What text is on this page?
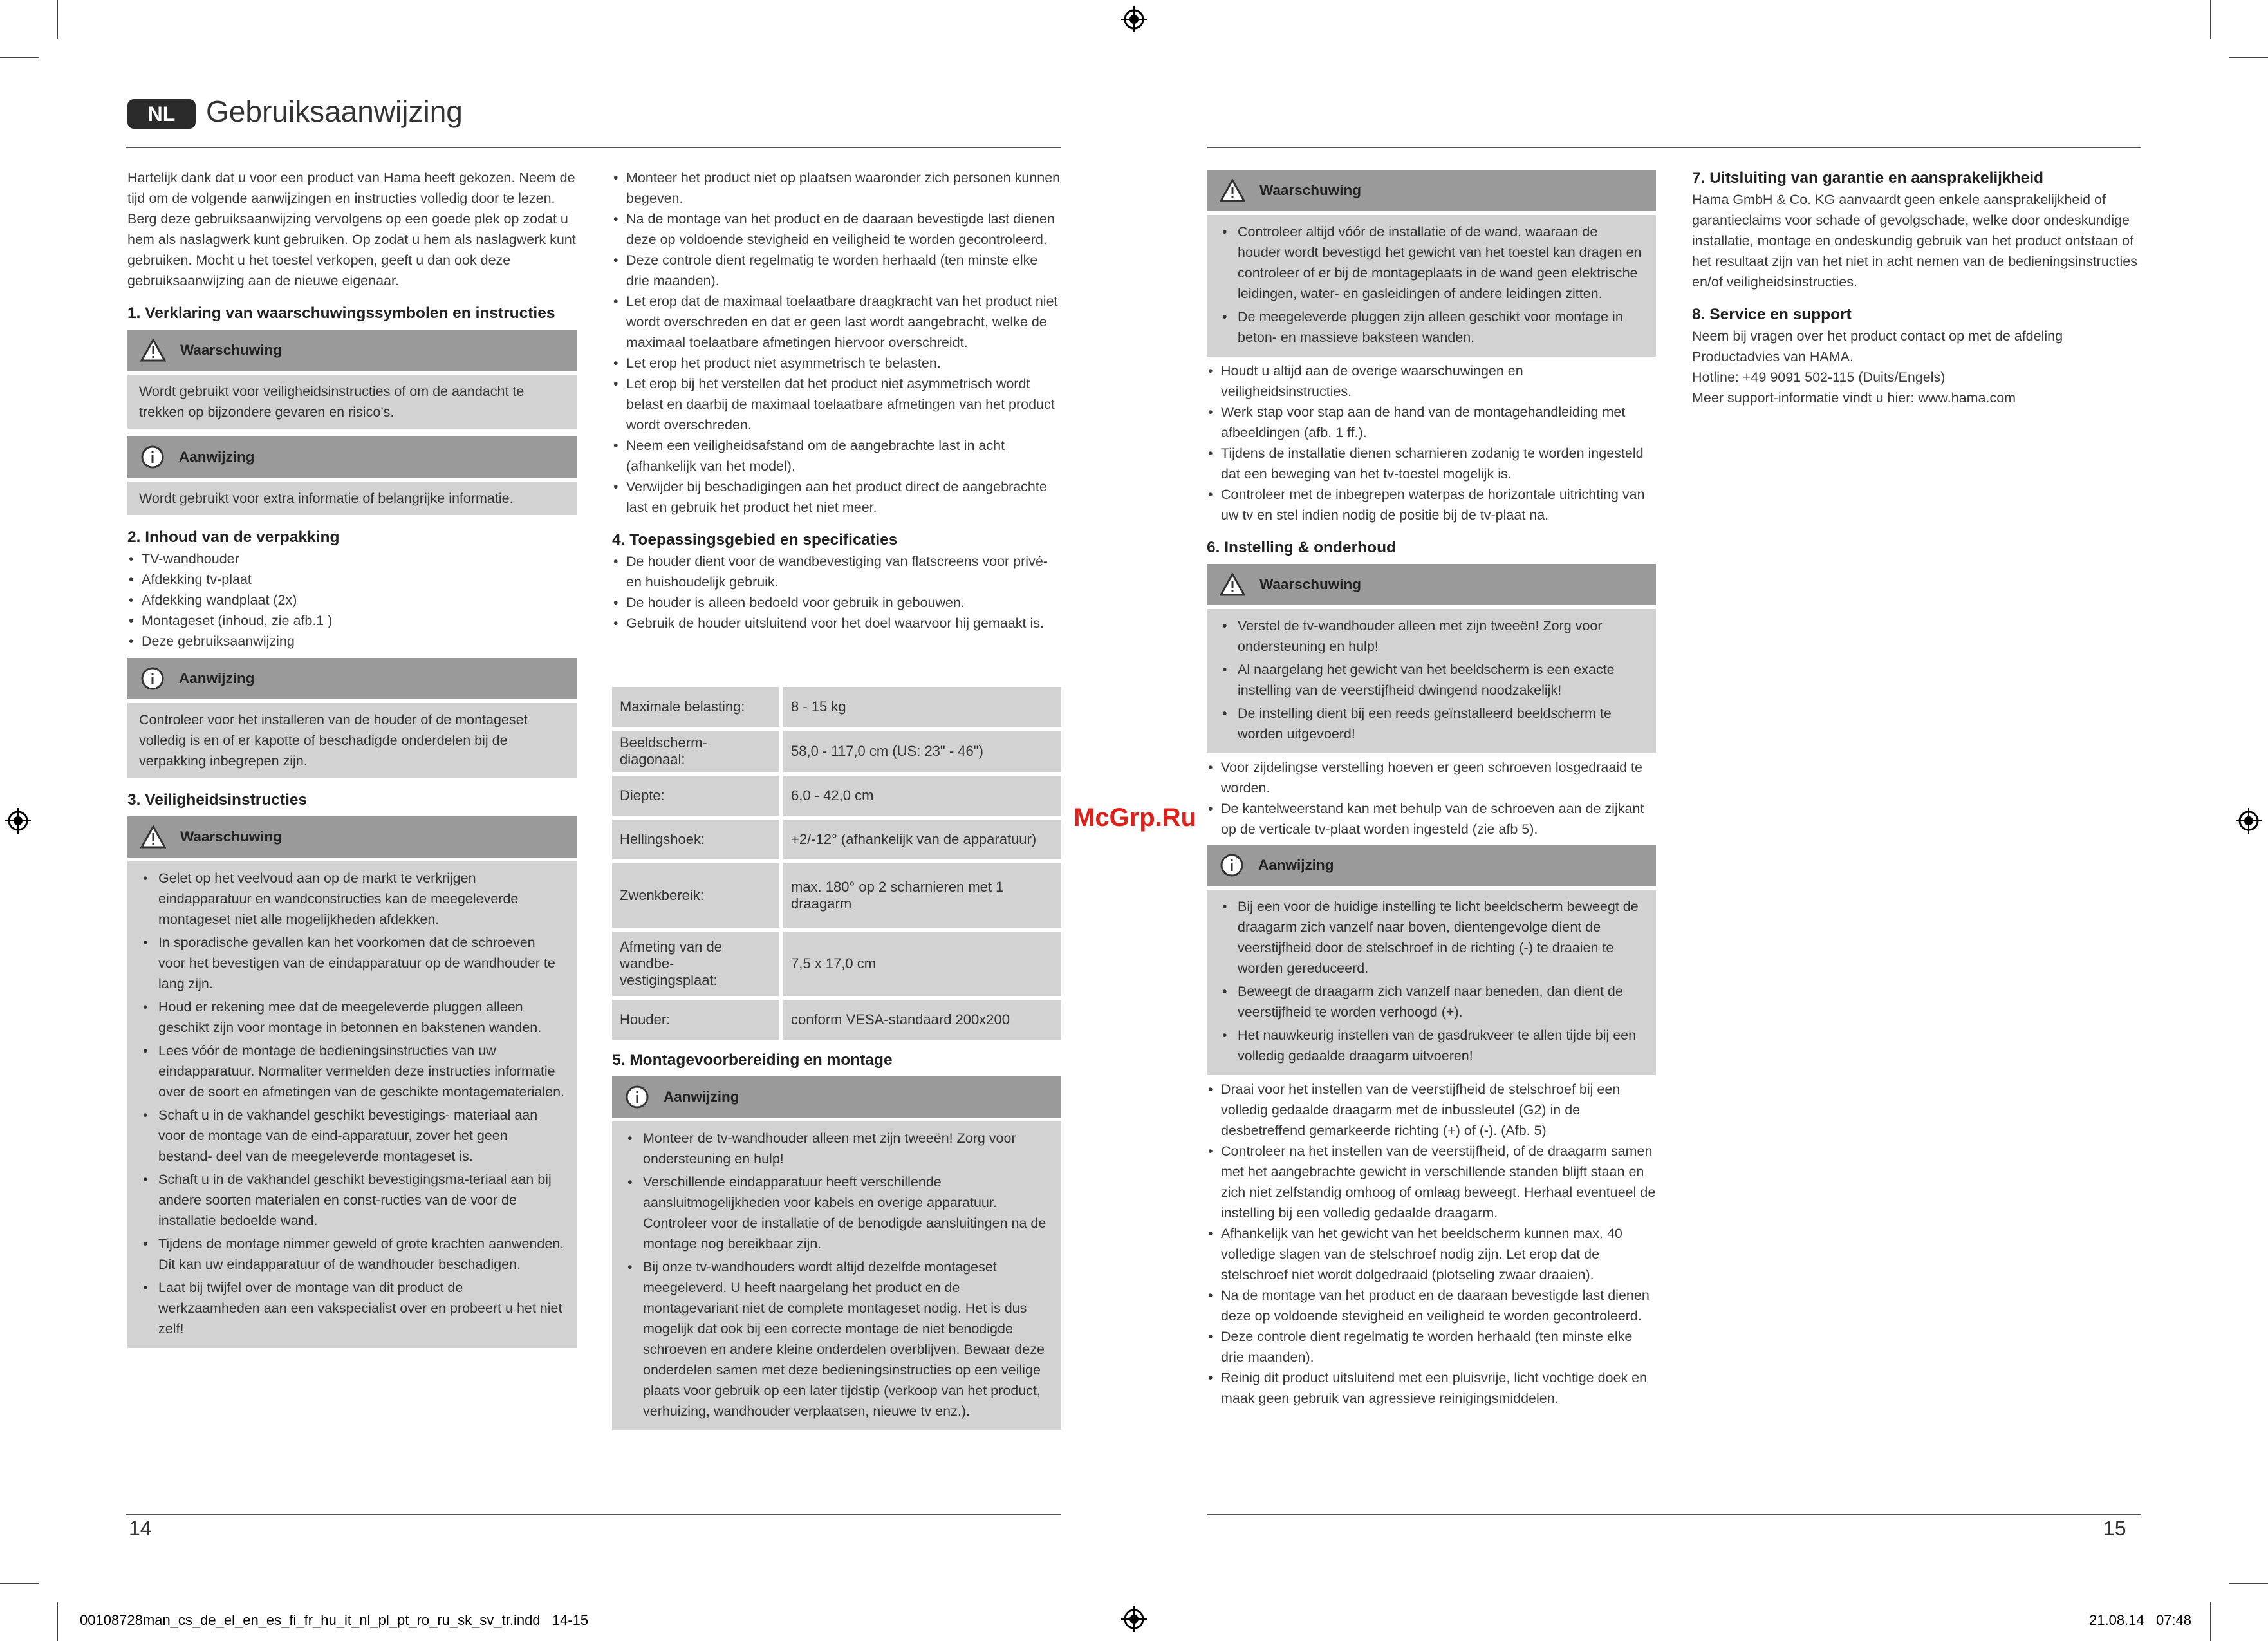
NL	Gebruiksaanwijzing

Hartelijk dank dat u voor een product van Hama heeft gekozen. Neem de tijd om de volgende aanwijzingen en instructies volledig door te lezen. Berg deze gebruiksaanwijzing vervolgens op een goede plek op zodat u hem als naslagwerk kunt gebruiken. Op zodat u hem als naslagwerk kunt gebruiken. Mocht u het toestel verkopen, geeft u dan ook deze gebruiksaanwijzing aan de nieuwe eigenaar.

1. Verklaring van waarschuwingssymbolen en instructies
Waarschuwing
Wordt gebruikt voor veiligheidsinstructies of om de aandacht te trekken op bijzondere gevaren en risico’s.
Aanwijzing
Wordt gebruikt voor extra informatie of belangrijke informatie.
2. Inhoud van de verpakking
• TV-wandhouder
• Afdekking tv-plaat
• Afdekking wandplaat (2x)
• Montageset (inhoud, zie afb.1 )
• Deze gebruiksaanwijzing
Aanwijzing
Controleer voor het installeren van de houder of de montageset volledig is en of er kapotte of beschadigde onderdelen bij de verpakking inbegrepen zijn.
3. Veiligheidsinstructies
Waarschuwing
• Gelet op het veelvoud aan op de markt te verkrijgen eindapparatuur en wandconstructies kan de meegeleverde montageset niet alle mogelijkheden afdekken.
• In sporadische gevallen kan het voorkomen dat de schroeven voor het bevestigen van de eindapparatuur op de wandhouder te lang zijn.
• Houd er rekening mee dat de meegeleverde pluggen alleen geschikt zijn voor montage in betonnen en bakstenen wanden.
• Lees vóór de montage de bedieningsinstructies van uw eindapparatuur. Normaliter vermelden deze instructies informatie over de soort en afmetingen van de geschikte montagematerialen.
• Schaft u in de vakhandel geschikt bevestigings- materiaal aan voor de montage van de eind-apparatuur, zover het geen bestand- deel van de meegeleverde montageset is.
• Schaft u in de vakhandel geschikt bevestigingsma-teriaal aan bij andere soorten materialen en const-ructies van de voor de installatie bedoelde wand.
• Tijdens de montage nimmer geweld of grote krachten aanwenden. Dit kan uw eindapparatuur of de wandhouder beschadigen.
• Laat bij twijfel over de montage van dit product de werkzaamheden aan een vakspecialist over en probeert u het niet zelf!
• Monteer het product niet op plaatsen waaronder zich personen kunnen begeven.
• Na de montage van het product en de daaraan bevestigde last dienen deze op voldoende stevigheid en veiligheid te worden gecontroleerd.
• Deze controle dient regelmatig te worden herhaald (ten minste elke drie maanden).
• Let erop dat de maximaal toelaatbare draagkracht van het product niet wordt overschreden en dat er geen last wordt aangebracht, welke de maximaal toelaatbare afmetingen hiervoor overschreidt.
• Let erop het product niet asymmetrisch te belasten.
• Let erop bij het verstellen dat het product niet asymmetrisch wordt belast en daarbij de maximaal toelaatbare afmetingen van het product wordt overschreden.
• Neem een veiligheidsafstand om de aangebrachte last in acht (afhankelijk van het model).
• Verwijder bij beschadigingen aan het product direct de aangebrachte last en gebruik het product het niet meer.
4. Toepassingsgebied en specificaties
• De houder dient voor de wandbevestiging van flatscreens voor privé- en huishoudelijk gebruik.
• De houder is alleen bedoeld voor gebruik in gebouwen.
• Gebruik de houder uitsluitend voor het doel waarvoor hij gemaakt is.
Maximale belasting:	8 - 15 kg
Beeldscherm-diagonaal:	58,0 - 117,0 cm (US: 23" - 46")
Diepte:	6,0 - 42,0 cm
Hellingshoek:	+2/-12° (afhankelijk van de apparatuur)
Zwenkbereik:	max. 180° op 2 scharnieren met 1 draagarm
Afmeting van de wandbe-vestigingsplaat:	7,5 x 17,0 cm
Houder:	conform VESA-standaard 200x200
5. Montagevoorbereiding en montage
Aanwijzing
• Monteer de tv-wandhouder alleen met zijn tweeën! Zorg voor ondersteuning en hulp!
• Verschillende eindapparatuur heeft verschillende aansluitmogelijkheden voor kabels en overige apparatuur. Controleer voor de installatie of de benodigde aansluitingen na de montage nog bereikbaar zijn.
• Bij onze tv-wandhouders wordt altijd dezelfde montageset meegeleverd. U heeft naargelang het product en de montagevariant niet de complete montageset nodig. Het is dus mogelijk dat ook bij een correcte montage de niet benodigde schroeven en andere kleine onderdelen overblijven. Bewaar deze onderdelen samen met deze bedieningsinstructies op een veilige plaats voor gebruik op een later tijdstip (verkoop van het product, verhuizing, wandhouder verplaatsen, nieuwe tv enz.).
Waarschuwing
• Controleer altijd vóór de installatie of de wand, waaraan de houder wordt bevestigd het gewicht van het toestel kan dragen en controleer of er bij de montageplaats in de wand geen elektrische leidingen, water- en gasleidingen of andere leidingen zitten.
• De meegeleverde pluggen zijn alleen geschikt voor montage in beton- en massieve baksteen wanden.
• Houdt u altijd aan de overige waarschuwingen en veiligheidsinstructies.
• Werk stap voor stap aan de hand van de montagehandleiding met afbeeldingen (afb. 1 ff.).
• Tijdens de installatie dienen scharnieren zodanig te worden ingesteld dat een beweging van het tv-toestel mogelijk is.
• Controleer met de inbegrepen waterpas de horizontale uitrichting van uw tv en stel indien nodig de positie bij de tv-plaat na.
6. Instelling & onderhoud
Waarschuwing
• Verstel de tv-wandhouder alleen met zijn tweeën! Zorg voor ondersteuning en hulp!
• Al naargelang het gewicht van het beeldscherm is een exacte instelling van de veerstijfheid dwingend noodzakelijk!
• De instelling dient bij een reeds geïnstalleerd beeldscherm te worden uitgevoerd!
• Voor zijdelingse verstelling hoeven er geen schroeven losgedraaid te worden.
• De kantelweerstand kan met behulp van de schroeven aan de zijkant op de verticale tv-plaat worden ingesteld (zie afb 5).
Aanwijzing
• Bij een voor de huidige instelling te licht beeldscherm beweegt de draagarm zich vanzelf naar boven, dientengevolge dient de veerstijfheid door de stelschroef in de richting (-) te draaien te worden gereduceerd.
• Beweegt de draagarm zich vanzelf naar beneden, dan dient de veerstijfheid te worden verhoogd (+).
• Het nauwkeurig instellen van de gasdrukveer te allen tijde bij een volledig gedaalde draagarm uitvoeren!
• Draai voor het instellen van de veerstijfheid de stelschroef bij een volledig gedaalde draagarm met de inbussleutel (G2) in de desbetreffend gemarkeerde richting (+) of (-). (Afb. 5)
• Controleer na het instellen van de veerstijfheid, of de draagarm samen met het aangebrachte gewicht in verschillende standen blijft staan en zich niet zelfstandig omhoog of omlaag beweegt. Herhaal eventueel de instelling bij een volledig gedaalde draagarm.
• Afhankelijk van het gewicht van het beeldscherm kunnen max. 40 volledige slagen van de stelschroef nodig zijn. Let erop dat de stelschroef niet wordt dolgedraaid (plotseling zwaar draaien).
• Na de montage van het product en de daaraan bevestigde last dienen deze op voldoende stevigheid en veiligheid te worden gecontroleerd.
• Deze controle dient regelmatig te worden herhaald (ten minste elke drie maanden).
• Reinig dit product uitsluitend met een pluisvrije, licht vochtige doek en maak geen gebruik van agressieve reinigingsmiddelen.
7. Uitsluiting van garantie en aansprakelijkheid

Hama GmbH & Co. KG aanvaardt geen enkele aansprakelijkheid of garantieclaims voor schade of gevolgschade, welke door ondeskundige installatie, montage en ondeskundig gebruik van het product ontstaan of het resultaat zijn van het niet in acht nemen van de bedieningsinstructies en/of veiligheidsinstructies.

8. Service en support

Neem bij vragen over het product contact op met de afdeling

Productadvies van HAMA.

Hotline: +49 9091 502-115 (Duits/Engels)

Meer support-informatie vindt u hier: www.hama.com

McGrp.Ru
14	15
00108728man_cs_de_el_en_es_fi_fr_hu_it_nl_pl_pt_ro_ru_sk_sv_tr.indd   14-15	21.08.14   07:48
